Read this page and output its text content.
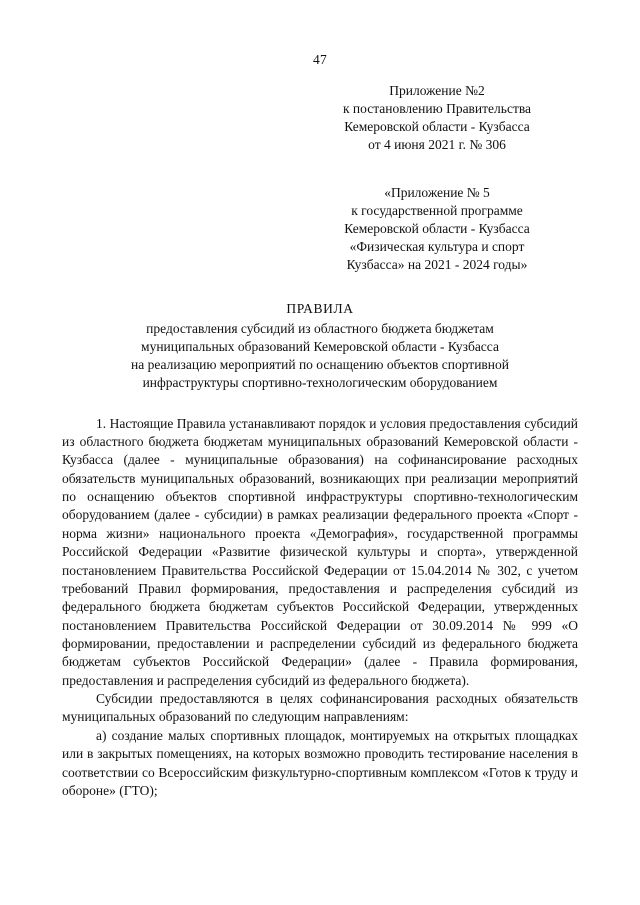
47

Приложение №2

к постановлению Правительства

Кемеровской области - Кузбасса

от 4 июня 2021 г. № 306

«Приложение № 5

к государственной программе

Кемеровской области - Кузбасса

«Физическая культура и спорт

Кузбасса» на 2021 - 2024 годы»

ПРАВИЛА

предоставления субсидий из областного бюджета бюджетам

муниципальных образований Кемеровской области - Кузбасса

на реализацию мероприятий по оснащению объектов спортивной

инфраструктуры спортивно-технологическим оборудованием

1. Настоящие Правила устанавливают порядок и условия предоставления субсидий из областного бюджета бюджетам муниципальных образований Кемеровской области - Кузбасса (далее - муниципальные образования) на софинансирование расходных обязательств муниципальных образований, возникающих при реализации мероприятий по оснащению объектов спортивной инфраструктуры спортивно-технологическим оборудованием (далее - субсидии) в рамках реализации федерального проекта «Спорт - норма жизни» национального проекта «Демография», государственной программы Российской Федерации «Развитие физической культуры и спорта», утвержденной постановлением Правительства Российской Федерации от 15.04.2014 № 302, с учетом требований Правил формирования, предоставления и распределения субсидий из федерального бюджета бюджетам субъектов Российской Федерации, утвержденных постановлением Правительства Российской Федерации от 30.09.2014 № 999 «О формировании, предоставлении и распределении субсидий из федерального бюджета бюджетам субъектов Российской Федерации» (далее - Правила формирования, предоставления и распределения субсидий из федерального бюджета).

Субсидии предоставляются в целях софинансирования расходных обязательств муниципальных образований по следующим направлениям:

а) создание малых спортивных площадок, монтируемых на открытых площадках или в закрытых помещениях, на которых возможно проводить тестирование населения в соответствии со Всероссийским физкультурно-спортивным комплексом «Готов к труду и обороне» (ГТО);
